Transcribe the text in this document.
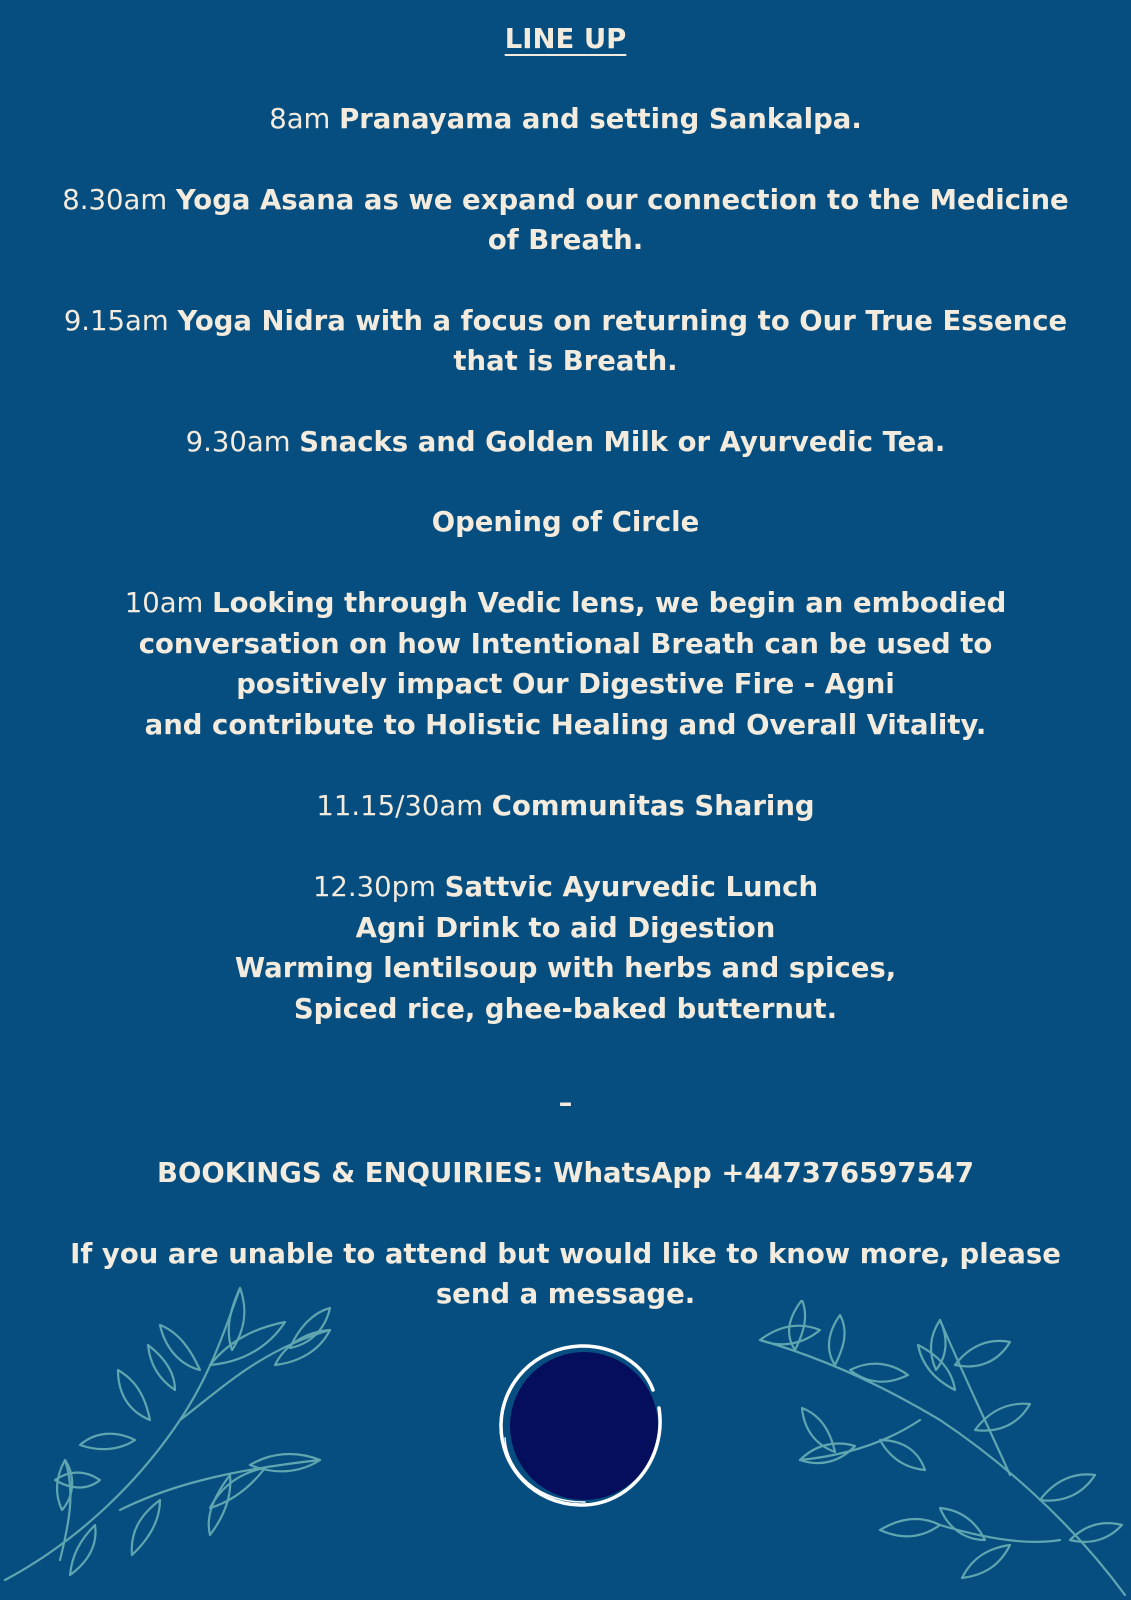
LINE UP
8am Pranayama and setting Sankalpa.
8.30am Yoga Asana as we expand our connection to the Medicine
of Breath.
9.15am Yoga Nidra with a focus on returning to Our True Essence
that is Breath.
9.30am Snacks and Golden Milk or Ayurvedic Tea.
Opening of Circle
10am Looking through Vedic lens, we begin an embodied
conversation on how Intentional Breath can be used to
positively impact Our Digestive Fire - Agni
and contribute to Holistic Healing and Overall Vitality.
11.15/30am Communitas Sharing
12.30pm Sattvic Ayurvedic Lunch
Agni Drink to aid Digestion
Warming lentilsoup with herbs and spices,
Spiced rice, ghee-baked butternut.
–
BOOKINGS & ENQUIRIES: WhatsApp +447376597547
If you are unable to attend but would like to know more, please
send a message.
